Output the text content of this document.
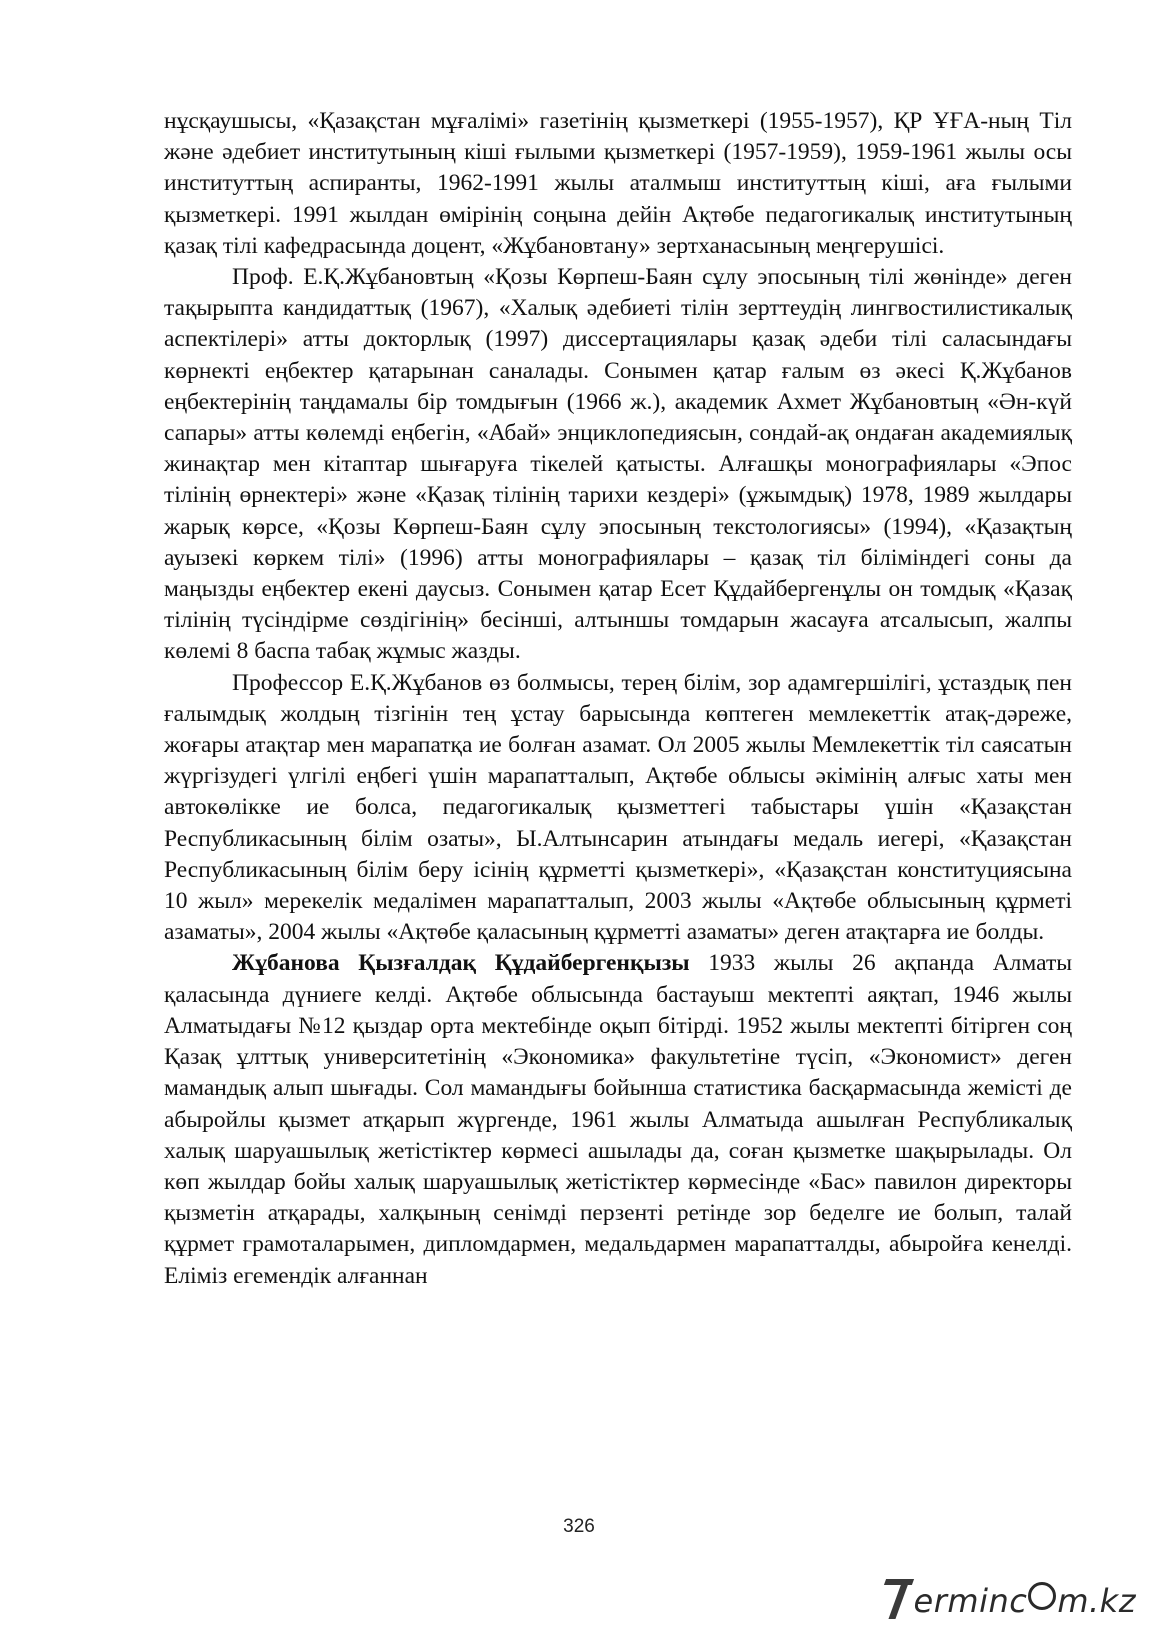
нұсқаушысы, «Қазақстан мұғалімі» газетінің қызметкері (1955-1957), ҚР ҰҒА-ның Тіл және әдебиет институтының кіші ғылыми қызметкері (1957-1959), 1959-1961 жылы осы институттың аспиранты, 1962-1991 жылы аталмыш институттың кіші, аға ғылыми қызметкері. 1991 жылдан өмірінің соңына дейін Ақтөбе педагогикалық институтының қазақ тілі кафедрасында доцент, «Жұбановтану» зертханасының меңгерушісі.

Проф. Е.Қ.Жұбановтың «Қозы Көрпеш-Баян сұлу эпосының тілі жөнінде» деген тақырыпта кандидаттық (1967), «Халық әдебиеті тілін зерттеудің лингвостилистикалық аспектілері» атты докторлық (1997) диссертациялары қазақ әдеби тілі саласындағы көрнекті еңбектер қатарынан саналады. Сонымен қатар ғалым өз әкесі Қ.Жұбанов еңбектерінің таңдамалы бір томдығын (1966 ж.), академик Ахмет Жұбановтың «Ән-күй сапары» атты көлемді еңбегін, «Абай» энциклопедиясын, сондай-ақ ондаған академиялық жинақтар мен кітаптар шығаруға тікелей қатысты. Алғашқы монографиялары «Эпос тілінің өрнектері» және «Қазақ тілінің тарихи кездері» (ұжымдық) 1978, 1989 жылдары жарық көрсе, «Қозы Көрпеш-Баян сұлу эпосының текстологиясы» (1994), «Қазақтың ауызекі көркем тілі» (1996) атты монографиялары – қазақ тіл біліміндегі соны да маңызды еңбектер екені даусыз. Сонымен қатар Есет Құдайбергенұлы он томдық «Қазақ тілінің түсіндірме сөздігінің» бесінші, алтыншы томдарын жасауға атсалысып, жалпы көлемі 8 баспа табақ жұмыс жазды.

Профессор Е.Қ.Жұбанов өз болмысы, терең білім, зор адамгершілігі, ұстаздық пен ғалымдық жолдың тізгінін тең ұстау барысында көптеген мемлекеттік атақ-дәреже, жоғары атақтар мен марапатқа ие болған азамат. Ол 2005 жылы Мемлекеттік тіл саясатын жүргізудегі үлгілі еңбегі үшін марапатталып, Ақтөбе облысы әкімінің алғыс хаты мен автокөлікке ие болса, педагогикалық қызметтегі табыстары үшін «Қазақстан Республикасының білім озаты», Ы.Алтынсарин атындағы медаль иегері, «Қазақстан Республикасының білім беру ісінің құрметті қызметкері», «Қазақстан конституциясына 10 жыл» мерекелік медалімен марапатталып, 2003 жылы «Ақтөбе облысының құрметі азаматы», 2004 жылы «Ақтөбе қаласының құрметті азаматы» деген атақтарға ие болды.

Жұбанова Қызғалдақ Құдайбергенқызы 1933 жылы 26 ақпанда Алматы қаласында дүниеге келді. Ақтөбе облысында бастауыш мектепті аяқтап, 1946 жылы Алматыдағы №12 қыздар орта мектебінде оқып бітірді. 1952 жылы мектепті бітірген соң Қазақ ұлттық университетінің «Экономика» факультетіне түсіп, «Экономист» деген мамандық алып шығады. Сол мамандығы бойынша статистика басқармасында жемісті де абыройлы қызмет атқарып жүргенде, 1961 жылы Алматыда ашылған Республикалық халық шаруашылық жетістіктер көрмесі ашылады да, соған қызметке шақырылады. Ол көп жылдар бойы халық шаруашылық жетістіктер көрмесінде «Бас» павилон директоры қызметін атқарады, халқының сенімді перзенті ретінде зор беделге ие болып, талай құрмет грамоталарымен, дипломдармен, медальдармен марапатталды, абыройға кенелді. Еліміз егемендік алғаннан

326
erminc m.kz
